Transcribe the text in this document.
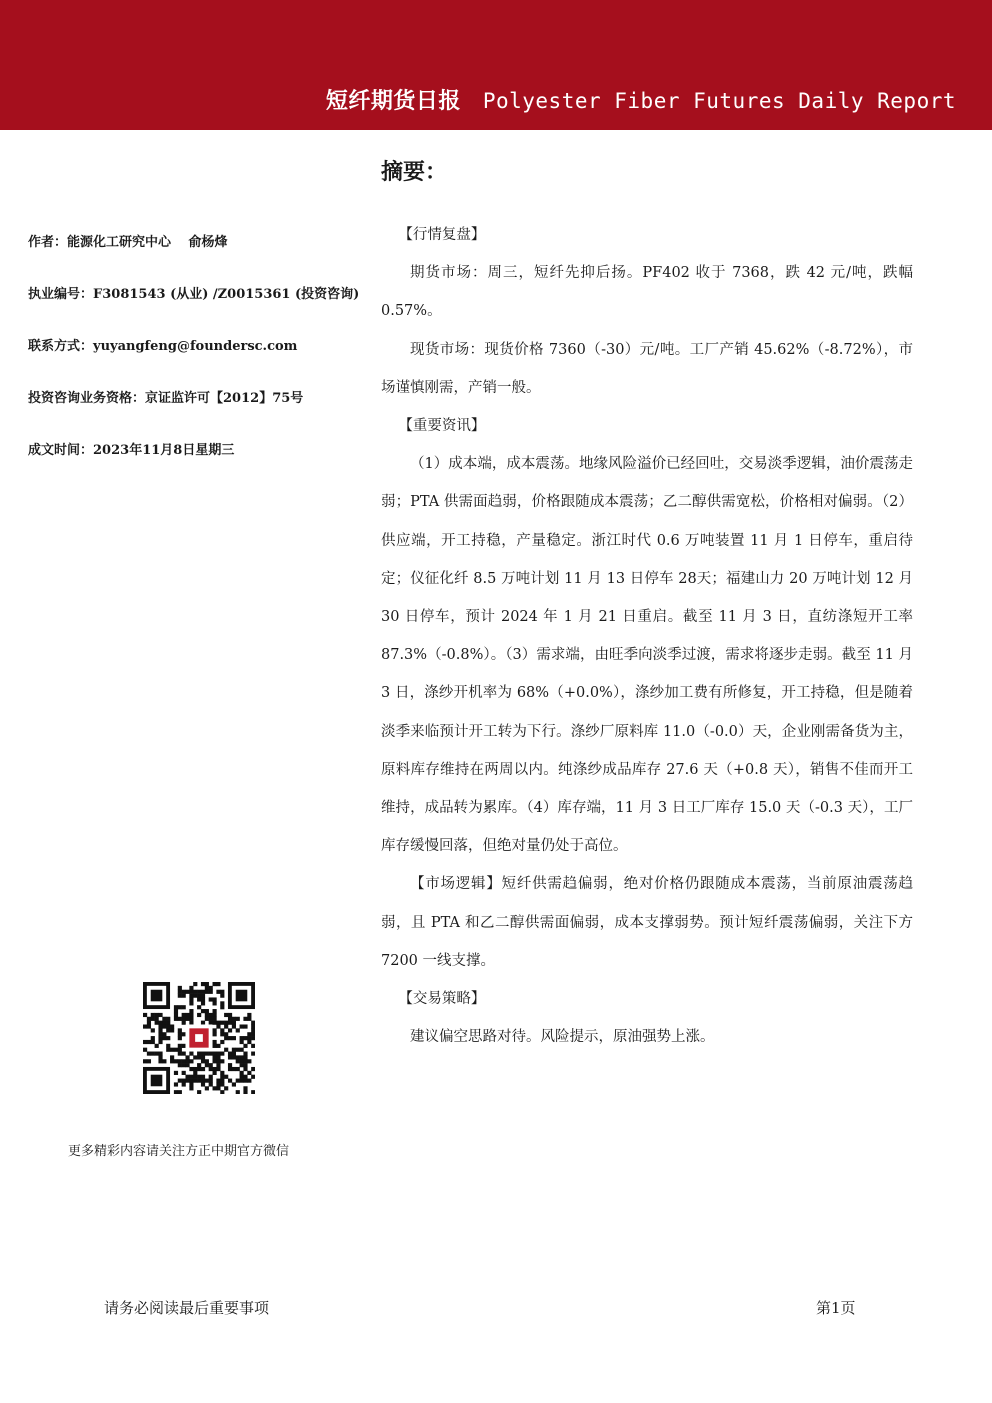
短纤期货日报 Polyester Fiber Futures Daily Report
摘要：
作者：能源化工研究中心　 俞杨烽
执业编号：F3081543 (从业) /Z0015361 (投资咨询)
联系方式：yuyangfeng@foundersc.com
投资咨询业务资格：京证监许可【2012】75号
成文时间：2023年11月8日星期三

【行情复盘】

期货市场：周三，短纤先抑后扬。PF402 收于 7368，跌 42 元/吨，跌幅 0.57%。

现货市场：现货价格 7360（-30）元/吨。工厂产销 45.62%（-8.72%），市场谨慎刚需，产销一般。

【重要资讯】

（1）成本端，成本震荡。地缘风险溢价已经回吐，交易淡季逻辑，油价震荡走弱；PTA 供需面趋弱，价格跟随成本震荡；乙二醇供需宽松，价格相对偏弱。（2）供应端，开工持稳，产量稳定。浙江时代 0.6 万吨装置 11 月 1 日停车，重启待定；仪征化纤 8.5 万吨计划 11 月 13 日停车 28天；福建山力 20 万吨计划 12 月 30 日停车，预计 2024 年 1 月 21 日重启。截至 11 月 3 日，直纺涤短开工率 87.3%（-0.8%）。（3）需求端，由旺季向淡季过渡，需求将逐步走弱。截至 11 月 3 日，涤纱开机率为 68%（+0.0%），涤纱加工费有所修复，开工持稳，但是随着淡季来临预计开工转为下行。涤纱厂原料库 11.0（-0.0）天，企业刚需备货为主，原料库存维持在两周以内。纯涤纱成品库存 27.6 天（+0.8 天），销售不佳而开工维持，成品转为累库。（4）库存端，11 月 3 日工厂库存 15.0 天（-0.3 天），工厂库存缓慢回落，但绝对量仍处于高位。

【市场逻辑】短纤供需趋偏弱，绝对价格仍跟随成本震荡，当前原油震荡趋弱，且 PTA 和乙二醇供需面偏弱，成本支撑弱势。预计短纤震荡偏弱，关注下方 7200 一线支撑。

【交易策略】

建议偏空思路对待。风险提示，原油强势上涨。

更多精彩内容请关注方正中期官方微信
请务必阅读最后重要事项	第1页
